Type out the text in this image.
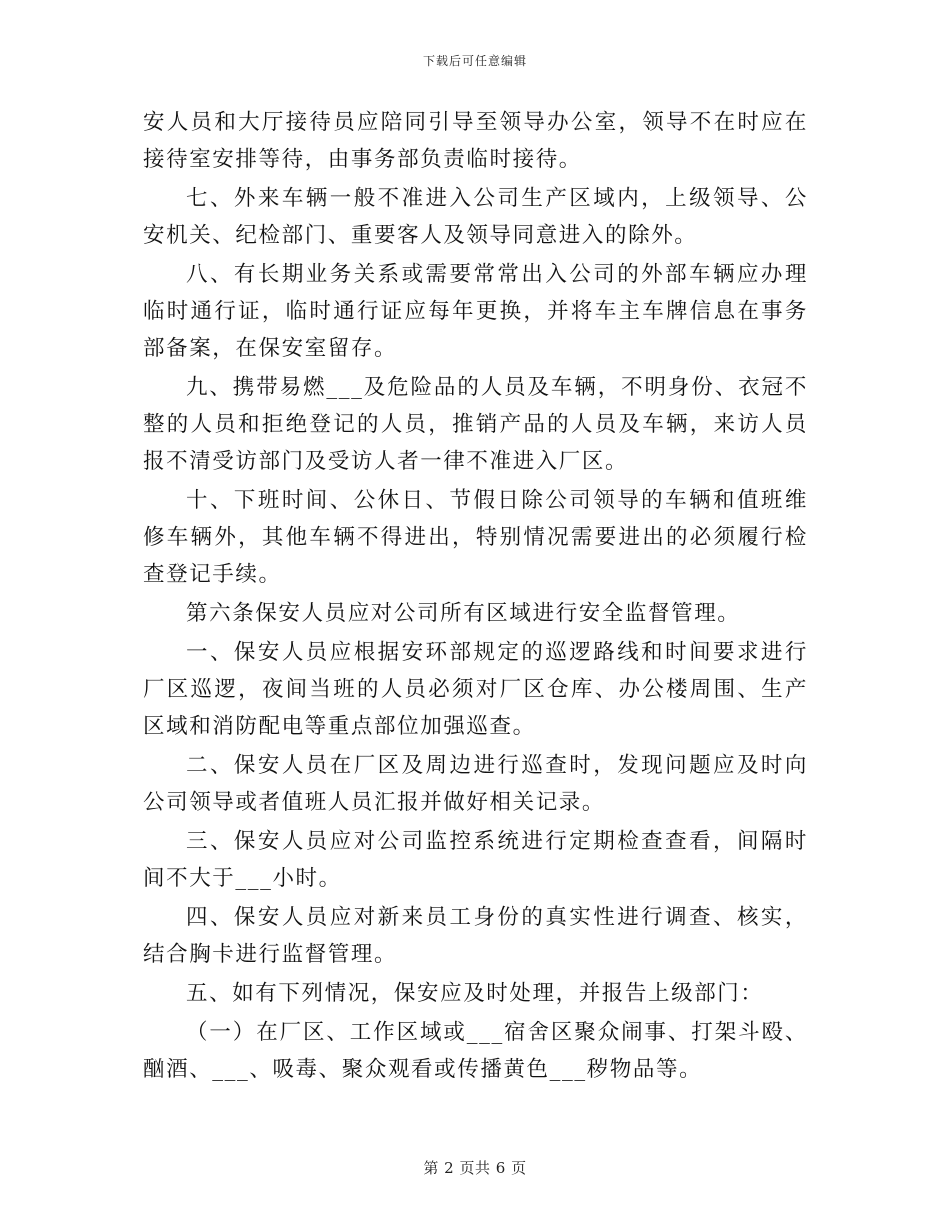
下载后可任意编辑

安人员和大厅接待员应陪同引导至领导办公室，领导不在时应在接待室安排等待，由事务部负责临时接待。

七、外来车辆一般不准进入公司生产区域内，上级领导、公安机关、纪检部门、重要客人及领导同意进入的除外。

八、有长期业务关系或需要常常出入公司的外部车辆应办理临时通行证，临时通行证应每年更换，并将车主车牌信息在事务部备案，在保安室留存。

九、携带易燃___及危险品的人员及车辆，不明身份、衣冠不整的人员和拒绝登记的人员，推销产品的人员及车辆，来访人员报不清受访部门及受访人者一律不准进入厂区。

十、下班时间、公休日、节假日除公司领导的车辆和值班维修车辆外，其他车辆不得进出，特别情况需要进出的必须履行检查登记手续。

第六条保安人员应对公司所有区域进行安全监督管理。

一、保安人员应根据安环部规定的巡逻路线和时间要求进行厂区巡逻，夜间当班的人员必须对厂区仓库、办公楼周围、生产区域和消防配电等重点部位加强巡查。

二、保安人员在厂区及周边进行巡查时，发现问题应及时向公司领导或者值班人员汇报并做好相关记录。

三、保安人员应对公司监控系统进行定期检查查看，间隔时间不大于___小时。

四、保安人员应对新来员工身份的真实性进行调查、核实，结合胸卡进行监督管理。

五、如有下列情况，保安应及时处理，并报告上级部门：

（一）在厂区、工作区域或___宿舍区聚众闹事、打架斗殴、酗酒、___、吸毒、聚众观看或传播黄色___秽物品等。

第 2 页共 6 页
